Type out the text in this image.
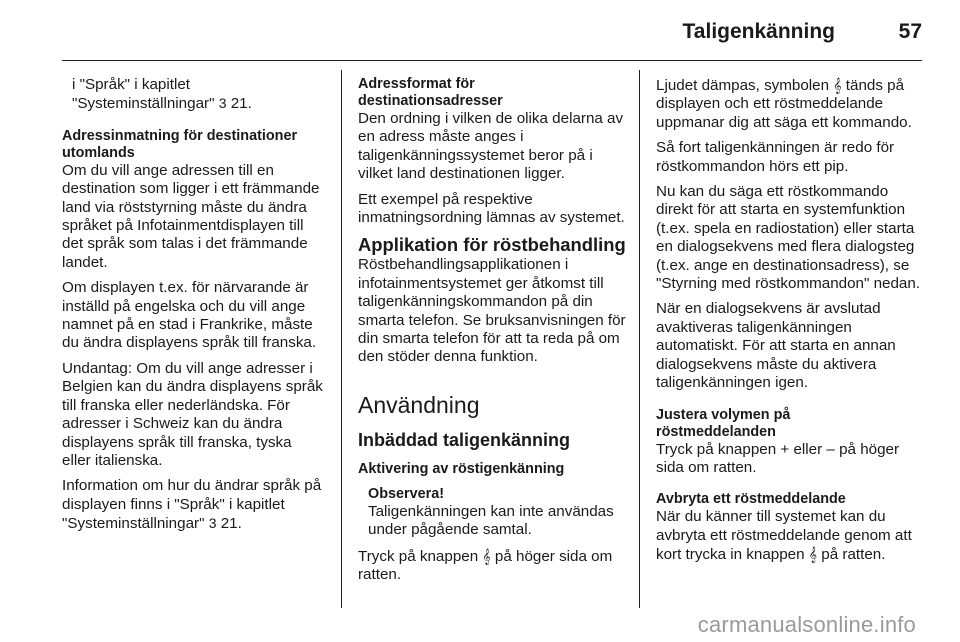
Taligenkänning	57
i "Språk" i kapitlet
"Systeminställningar" 3 21.
Adressinmatning för destinationer
utomlands

Om du vill ange adressen till en destination som ligger i ett främmande land via röststyrning måste du ändra språket på Infotainmentdisplayen till det språk som talas i det främmande landet.

Om displayen t.ex. för närvarande är inställd på engelska och du vill ange namnet på en stad i Frankrike, måste du ändra displayens språk till franska.

Undantag: Om du vill ange adresser i Belgien kan du ändra displayens språk till franska eller nederländska. För adresser i Schweiz kan du ändra displayens språk till franska, tyska eller italienska.

Information om hur du ändrar språk på displayen finns i "Språk" i kapitlet "Systeminställningar" 3 21.

Adressformat för
destinationsadresser

Den ordning i vilken de olika delarna av en adress måste anges i taligenkänningssystemet beror på i vilket land destinationen ligger.

Ett exempel på respektive inmatningsordning lämnas av systemet.

Applikation för röstbehandling

Röstbehandlingsapplikationen i infotainmentsystemet ger åtkomst till taligenkänningskommandon på din smarta telefon. Se bruksanvisningen för din smarta telefon för att ta reda på om den stöder denna funktion.

Användning
Inbäddad taligenkänning
Aktivering av röstigenkänning
Observera!
Taligenkänningen kan inte användas under pågående samtal.

Tryck på knappen 𝄞 på höger sida om ratten.

Ljudet dämpas, symbolen 𝄞 tänds på displayen och ett röstmeddelande uppmanar dig att säga ett kommando.

Så fort taligenkänningen är redo för röstkommandon hörs ett pip.

Nu kan du säga ett röstkommando direkt för att starta en systemfunktion (t.ex. spela en radiostation) eller starta en dialogsekvens med flera dialogsteg (t.ex. ange en destinationsadress), se "Styrning med röstkommandon" nedan.

När en dialogsekvens är avslutad avaktiveras taligenkänningen automatiskt. För att starta en annan dialogsekvens måste du aktivera taligenkänningen igen.

Justera volymen på
röstmeddelanden

Tryck på knappen + eller – på höger sida om ratten.

Avbryta ett röstmeddelande

När du känner till systemet kan du avbryta ett röstmeddelande genom att kort trycka in knappen 𝄞 på ratten.

carmanualsonline.info
